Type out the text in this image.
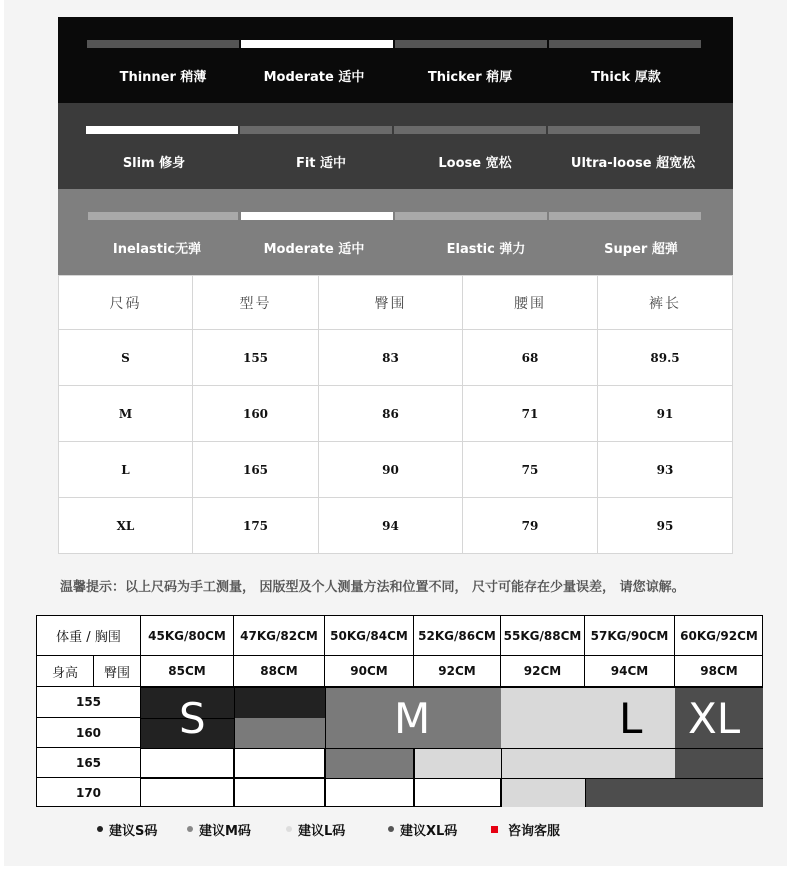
Thinner 稍薄	Moderate 适中	Thicker 稍厚	Thick 厚款
Slim 修身	Fit 适中	Loose 宽松	Ultra-loose 超宽松
Inelastic无弹	Moderate 适中	Elastic 弹力	Super 超弹
尺码	型号	臀围	腰围	裤长
S	155	83	68	89.5
M	160	86	71	91
L	165	90	75	93
XL	175	94	79	95
温馨提示：以上尺码为手工测量， 因版型及个人测量方法和位置不同， 尺寸可能存在少量误差， 请您谅解。
体重 / 胸围	45KG/80CM	47KG/82CM	50KG/84CM 52KG/86CM 55KG/88CM 57KG/90CM 60KG/92CM
身高	臀围	85CM	88CM	90CM	92CM	92CM	94CM	98CM
155
160
165
170
S	M	L XL
建议S码	建议M码	建议L码	建议XL码	咨询客服
